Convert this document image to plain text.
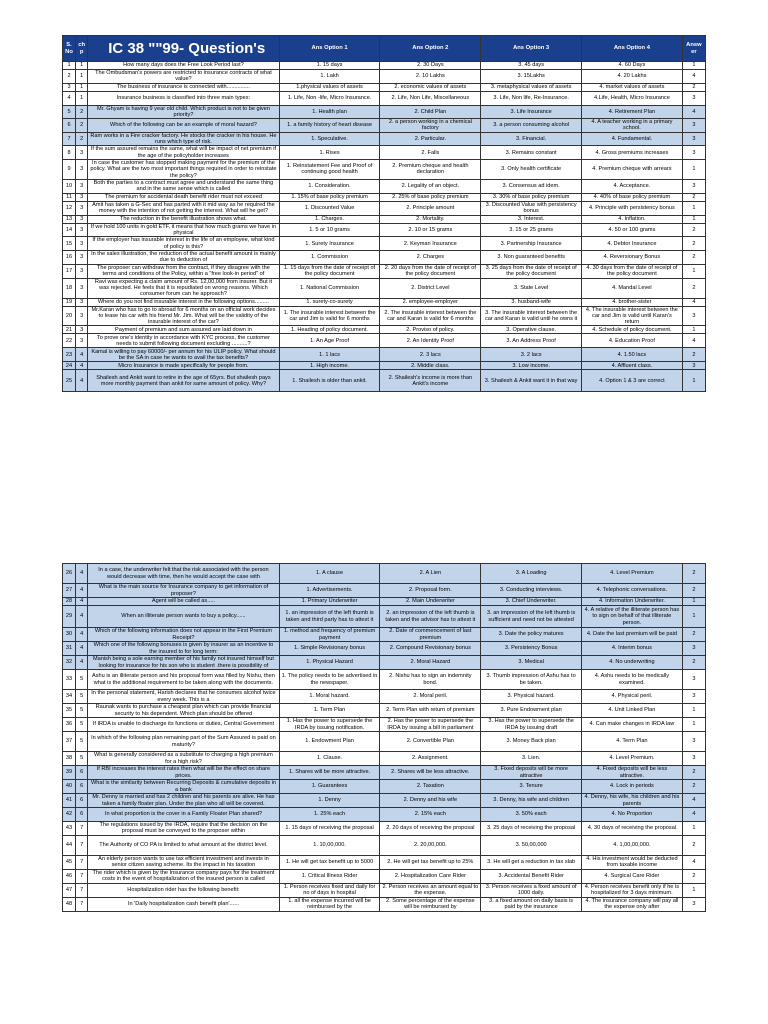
S.No	chp	IC 38 ""99- Question's	Ans Option 1	Ans Option 2	Ans Option 3	Ans Option 4	Answer
1	1	How many days does the Free Look Period last?	1. 15 days	2. 30 Days	3. 45 days	4. 60 Days	1
2	1	The Ombudsman's powers are restricted to insurance contracts of what value?	1. Lakh	2. 10 Lakhs	3. 15Lakhs	4. 20 Lakhs	4
3	1	The business of insurance is connected with...............	1.physical values of assets	2. economic values of assets	3. metaphysical values of assets	4. market values of assets	2
4	1	Insurance business is classified into three main types:	1. Life, Non -life, Micro Insurance.	2. Life, Non Life, Miscellaneous	3. Life, Non life, Re-Insurance.	4.Life, Health, Micro Insurance	3
5	2	Mr. Ghyam is having 9 year old child. Which product is not to be given priority?	1. Health plan	2. Child Plan	3. Life Insurance	4. Retirement Plan	4
6	2	Which of the following can be an example of moral hazard?	1. a family history of heart disease	2. a person working in a chemical factory	3. a person consuming alcohol	4. A teacher working in a primary school.	3
7	2	Ram works in a Fire cracker factory. He stocks the cracker in his house. He runs which type of risk.	1. Speculative.	2. Particular.	3. Financial.	4. Fundamental.	3
8	3	If the sum assured remains the same, what will be impact of net premium if the age of the policyholder increases	1. Rises	2. Falls	3. Remains constant	4. Gross premiums increases	3
9	3	In case the customer has stopped making payment for the premium of the policy. What are the two most important things required in order to reinstate the policy?	1. Reinstatement Fee and Proof of continuing good health	2. Premium cheque and health declaration	3. Only health certificate	4. Premium cheque with arrears	1
10	3	Both the parties to a contract must agree and understand the same thing and in the same sense which is called	1. Consideration.	2. Legality of an object.	3. Consensus ad idem.	4. Acceptance.	3
11	3	The premium for accidental death benefit rider must not exceed	1. 15% of base policy premium	2. 25% of base policy premium	3. 30% of base policy premium	4. 40% of base policy premium	2
12	3	Amit has taken a G-Sec and has parted with it mid way as he required the money with the intention of not getting the interest. What will he get?	1. Discounted Value	2. Principle amount	3. Discounted Value with persistency bonus	4. Principle with persistency bonus	1
13	3	The reduction in the benefit illustration shows what.	1. Charges.	2. Mortality.	3. Interest.	4. Inflation.	1
14	3	If we hold 100 units in gold ETF, it means that how much grams we have in physical	1. 5 or 10 grams	2. 10 or 15 grams	3. 15 or 25 grams	4. 50 or 100 grams	2
15	3	If the employer has insurable interest in the life of an employee, what kind of policy is this?	1. Surety Insurance	2. Keyman Insurance	3. Partnership Insurance	4. Debtor Insurance	2
16	3	In the sales illustration, the reduction of the actual benefit amount is mainly due to deduction of	1. Commission	2. Charges	3. Non guaranteed benefits	4. Reversionary Bonus	2
17	3	The proposer can withdraw from the contract, if they disagree with the terms and conditions of the Policy, within a "free look-in period" of	1. 15 days from the date of receipt of the policy document	2. 20 days from the date of receipt of the policy document	3. 25 days from the date of receipt of the policy document	4. 30 days from the date of receipt of the policy document	1
18	3	Ravi was expecting a claim amount of Rs. 12,00,000 from insurer. But it was rejected. He feels that it is repudiated on wrong reasons. Which consumer forum can he approach?	1. National Commission	2. District Level	3. State Level	4. Mandal Level	2
19	3	Where do you not find insurable interest in the following options.........	1. surety-co-surety	2. employee-employer	3. husband-wife	4. brother-sister	4
20	3	Mr.Karan who has to go to abroad for 6 months on an official work decides to lease his car with his friend Mr. Jim. What will be the validity of the insurable interest of the car?	1. The insurable interest between the car and Jim is valid for 6 months	2. The insurable interest between the car and Karan is valid for 6 months	3. The insurable interest between the car and Karan is valid until he owns it	4. The insurable interest between the car and Jim is valid until Karan's return	3
21	3	Payment of premium and sum assured are laid down in	1. Heading of policy document.	2. Proviso of policy.	3. Operative clause.	4. Schedule of policy document.	1
22	3	To prove one's identity in accordance with KYC process, the customer needs to submit following document excluding ..........?	1. An Age Proof	2. An Identity Proof	3. An Address Proof	4. Education Proof	4
23	4	Kamal is willing to pay 60000/- per annum for his ULIP policy. What should be the SA in case he wants to avail the tax benefits?	1. 1 lacs	2. 3 lacs	3. 2 lacs	4. 1.50 lacs	2
24	4	Micro Insurance is made specifically for people from.	1. High income.	2. Middle class.	3. Low income.	4. Affluent class.	3
25	4	Shailesh and Ankit want to retire in the age of 65yrs. But shailesh pays more monthly payment than ankit for same amount of policy. Why?	1. Shailesh is older than ankit.	2. Shailesh's income is more than Ankit's income	3. Shailesh & Ankit want it in that way	4. Option 1 & 3 are correct	1
26	4	In a case, the underwriter felt that the risk associated with the person would decrease with time, then he would accept the case with	1. A clause	2. A Lien	3. A Loading	4. Level Premium	2
27	4	What is the main source for Insurance company to get information of proposer?	1. Advertisements.	2. Proposal form.	3. Conducting interviews.	4. Telephonic conversations.	2
28	4	Agent will be called as.....	1. Primary Underwriter	2. Main Underwriter	3. Chief Underwriter.	4. Information Underwriter.	1
29	4	When an illiterate person wants to buy a policy......	1. an impression of the left thumb is taken and third party has to attest it	2. an impression of the left thumb is taken and the advisor has to attest it	3. an impression of the left thumb is sufficient and need not be attested	4. A relative of the illiterate person has to sign on behalf of that illiterate person.	1
30	4	Which of the following information does not appear in the First Premium Receipt?	1. method and frequency of premium payment	2. Date of commencement of last premium	3. Date the policy matures	4. Date the last premium will be paid	2
31	4	Which one of the following bonuses is given by insurer as an incentive to the insured to for long term:	1. Simple Revisionary bonus	2. Compound Revisionary bonus	3. Persistency Bonus	4. Interim bonus	3
32	4	Manish being a sole earning member of his family not insured himself but looking for insurance for his son who is student .there is possibility of	1. Physical Hazard	2. Moral Hazard	3. Medical	4. No underwriting	2
33	5	Ashu is an illiterate person and his proposal form was filled by Nishu, then what is the additional requirement to be taken along with the documents.	1. The policy needs to be advertised in the newspaper.	2. Nishu has to sign an indemnity bond.	3. Thumb impression of Ashu has to be taken.	4. Ashu needs to be medically examined.	3
34	5	In the personal statement, Harish declares that he consumes alcohol twice every week. This is a	1. Moral hazard.	2. Moral peril.	3. Physical hazard.	4. Physical peril.	3
35	5	Raunak wants to purchase a cheapest plan which can provide financial security to his dependent. Which plan should be offered	1. Term Plan	2. Term Plan with return of premium	3. Pure Endowment plan	4. Unit Linked Plan	1
36	5	If IRDA is unable to discharge its functions or duties, Central Government	1. Has the power to supersede the IRDA by issuing notification.	2. Has the power to supersede the IRDA by issuing a bill in parliament	3. Has the power to supersede the IRDA by issuing draft	4. Can make changes in IRDA law	1
37	5	In which of the following plan remaining part of the Sum Assured is paid on maturity?	1. Endowment Plan	2. Convertible Plan	3. Money Back plan	4. Term Plan	3
38	5	What is generally considered as a substitute to charging a high premium for a high risk?	1. Clause.	2. Assignment.	3. Lien.	4. Level Premium.	3
39	6	If RBI increases the interest rates then what will be the effect on share prices.	1. Shares will be more attractive.	2. Shares will be less attractive.	3. Fixed deposits will be more attractive	4. Fixed deposits will be less attractive.	2
40	6	What is the similarity between Recurring Deposits & cumulative deposits in a bank	1. Guarantees	2. Taxation	3. Tenure	4. Lock in periods	2
41	6	Mr. Denny is married and has 2 children and his parents are alive. He has taken a family floater plan. Under the plan who all will be covered.	1. Denny	2. Denny and his wife	3. Denny, his wife and children	4. Denny, his wife, his children and his parents	4
42	6	In what proportion is the cover in a Family Floater Plan shared?	1. 25% each	2. 15% each	3. 50% each	4. No Proportion	4
43	7	The regulations issued by the IRDA, require that the decision on the proposal must be conveyed to the proposer within	1. 15 days of receiving the proposal	2. 20 days of receiving the proposal	3. 25 days of receiving the proposal	4. 30 days of receiving the proposal	1
44	7	The Authority of CO PA is limited to what amount at the district level.	1. 10,00,000.	2. 20,00,000.	3. 50,00,000	4. 1,00,00,000.	2
45	7	An elderly person wants to use tax efficient investment and invests in senior citizen saving scheme. Its the impact in his taxation	1. He will get tax benefit up to 5000	2. He will get tax benefit up to 25%	3. He will get a reduction in tax slab	4. His investment would be deducted from taxable income	4
46	7	The rider which is given by the Insurance company pays for the treatment costs in the event of hospitalization of the insured person is called	1. Critical Illness Rider	2. Hospitalization Care Rider	3. Accidental Benefit Rider	4. Surgical Care Rider	2
47	7	Hospitalization rider has the following benefit:	1. Person receives fixed and daily for no of days in hospital	2. Person receives an amount equal to the expense.	3. Person receives a fixed amount of 1000 daily.	4. Person receives benefit only if he is hospitalized for 3 days minimum.	1
48	7	In 'Daily hospitalization cash benefit plan'......	1. all the expense incurred will be reimbursed by the	2. Some percentage of the expense will be reimbursed by	3. a fixed amount on daily basis is paid by the insurance	4. The insurance company will pay all the expense only after	3
